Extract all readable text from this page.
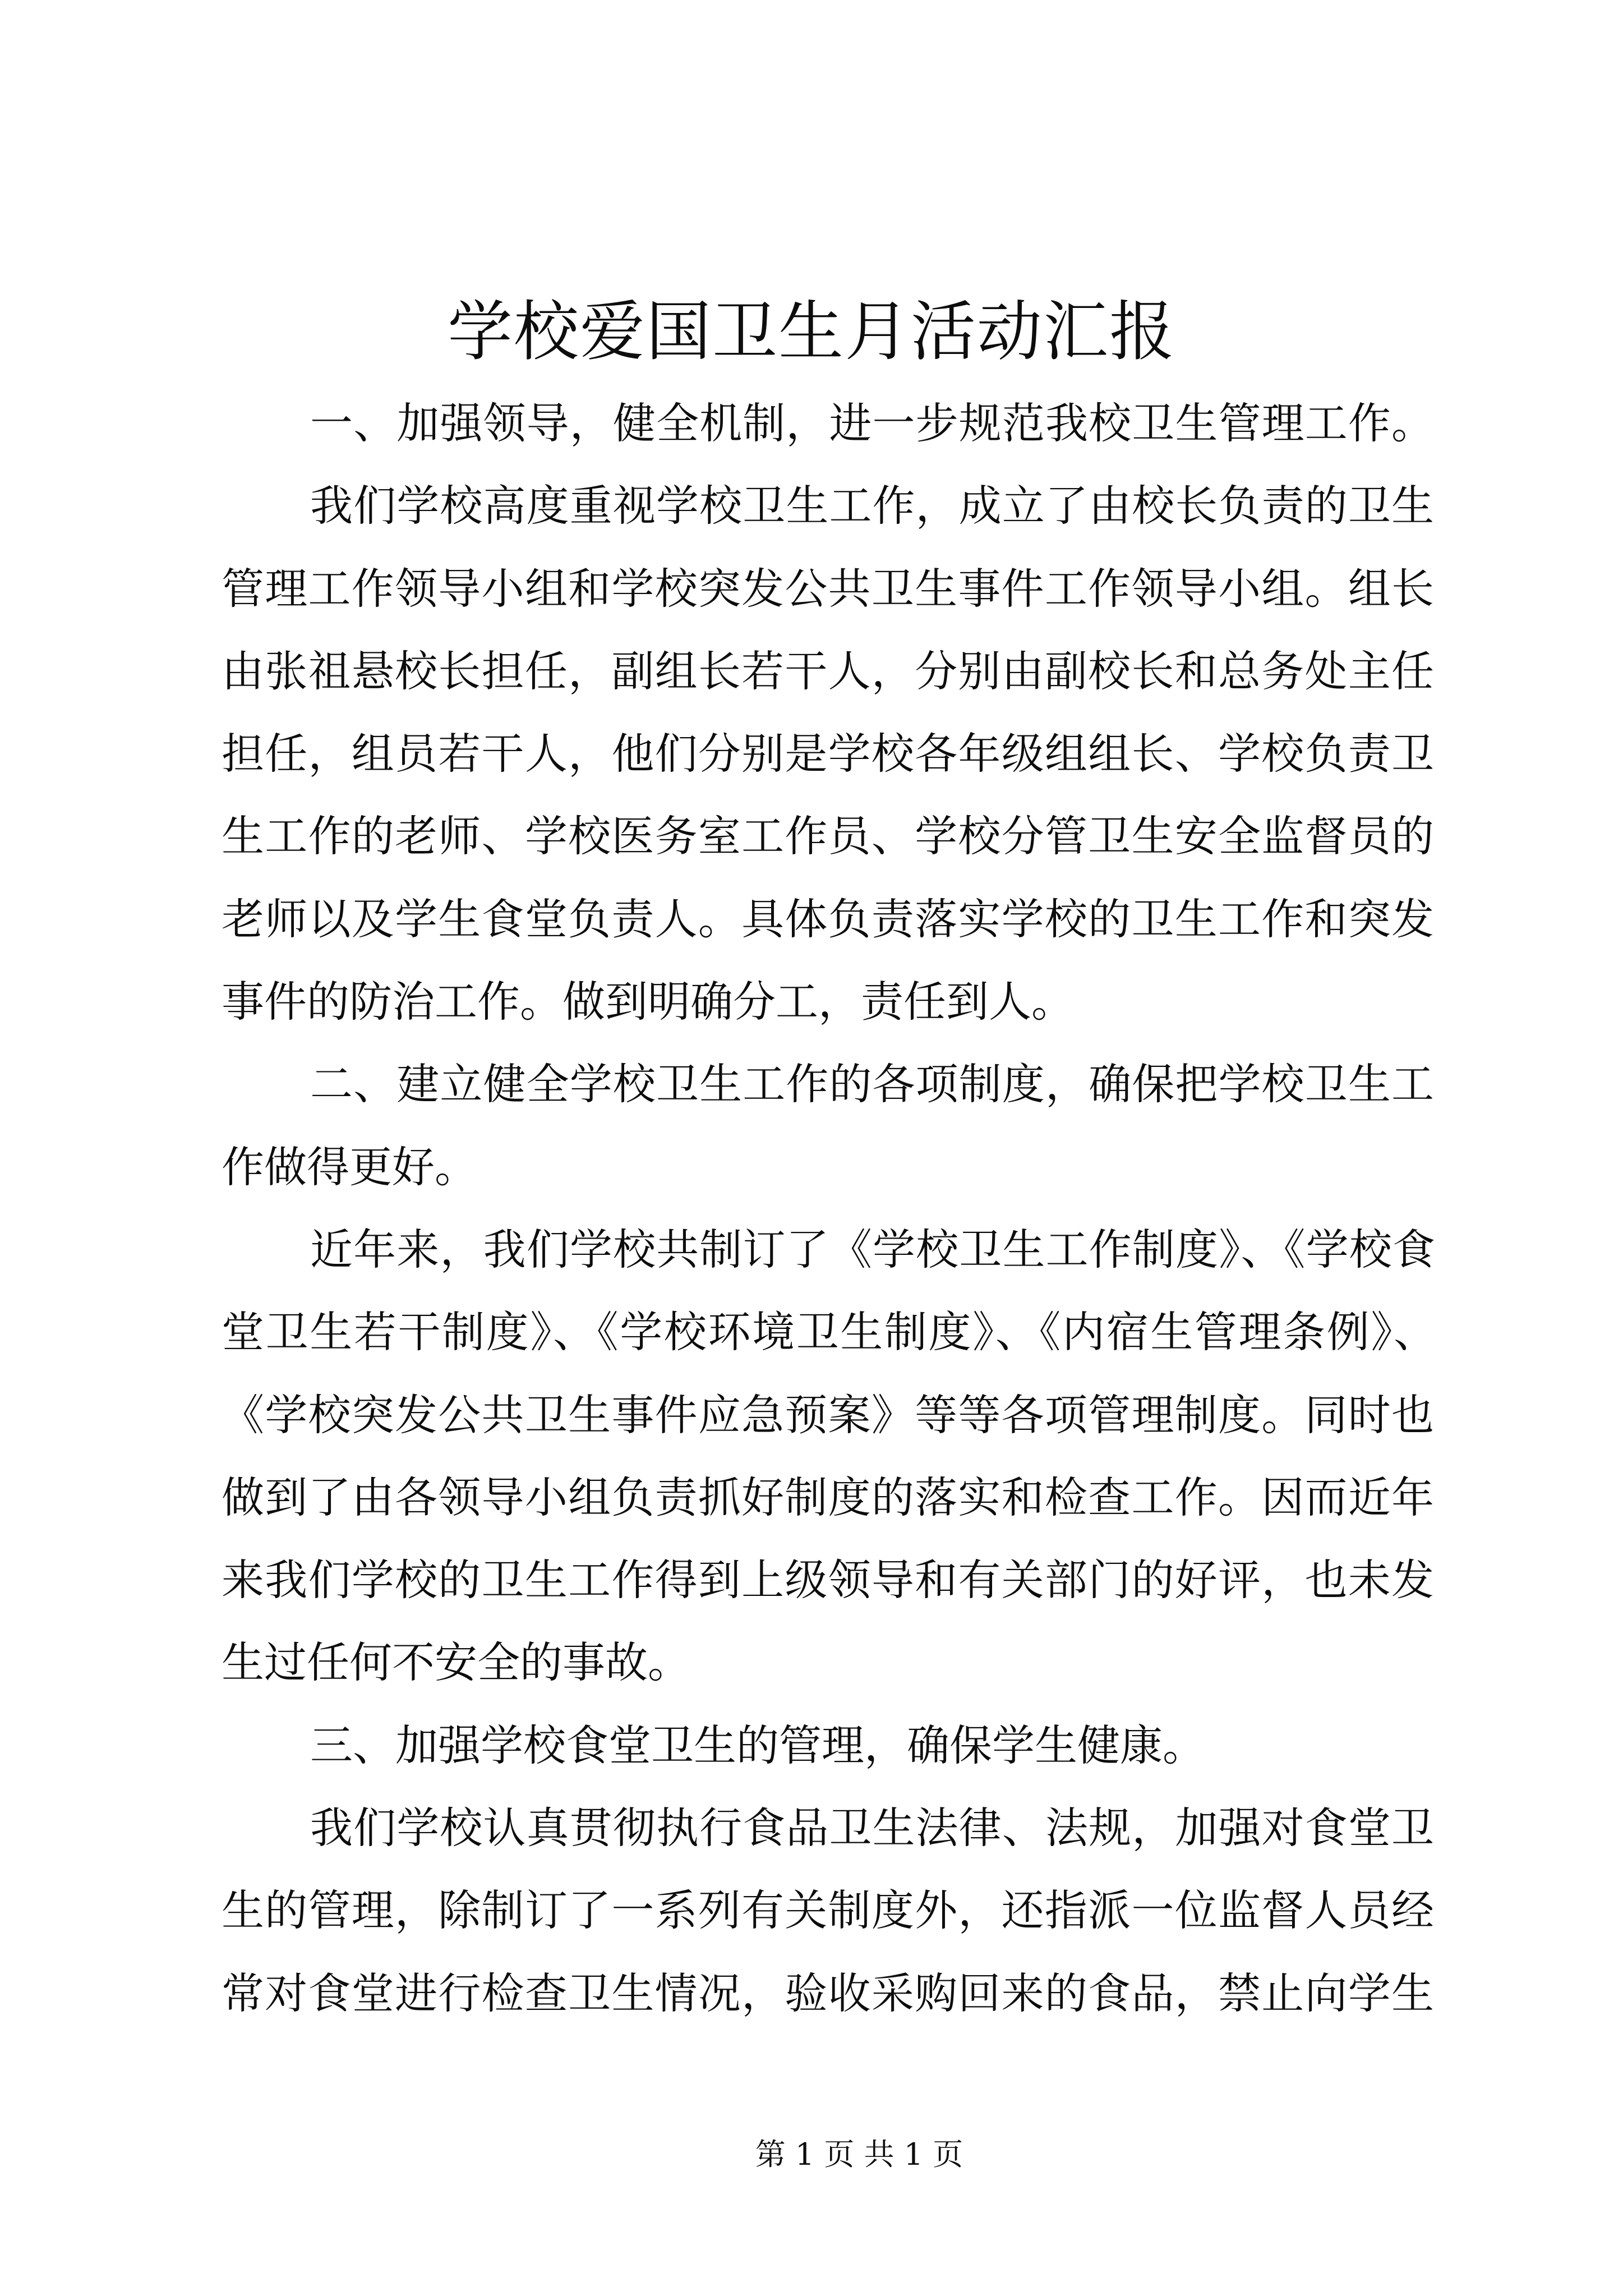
学校爱国卫生月活动汇报
一、加强领导，健全机制，进一步规范我校卫生管理工作。
我们学校高度重视学校卫生工作，成立了由校长负责的卫生
管理工作领导小组和学校突发公共卫生事件工作领导小组。组长
由张祖悬校长担任，副组长若干人，分别由副校长和总务处主任
担任，组员若干人，他们分别是学校各年级组组长、学校负责卫
生工作的老师、学校医务室工作员、学校分管卫生安全监督员的
老师以及学生食堂负责人。具体负责落实学校的卫生工作和突发
事件的防治工作。做到明确分工，责任到人。
二、建立健全学校卫生工作的各项制度，确保把学校卫生工
作做得更好。
近年来，我们学校共制订了《学校卫生工作制度》、《学校食
堂卫生若干制度》、《学校环境卫生制度》、《内宿生管理条例》、
《学校突发公共卫生事件应急预案》等等各项管理制度。同时也
做到了由各领导小组负责抓好制度的落实和检查工作。因而近年
来我们学校的卫生工作得到上级领导和有关部门的好评，也未发
生过任何不安全的事故。
三、加强学校食堂卫生的管理，确保学生健康。
我们学校认真贯彻执行食品卫生法律、法规，加强对食堂卫
生的管理，除制订了一系列有关制度外，还指派一位监督人员经
常对食堂进行检查卫生情况，验收采购回来的食品，禁止向学生
第 1 页 共 1 页
